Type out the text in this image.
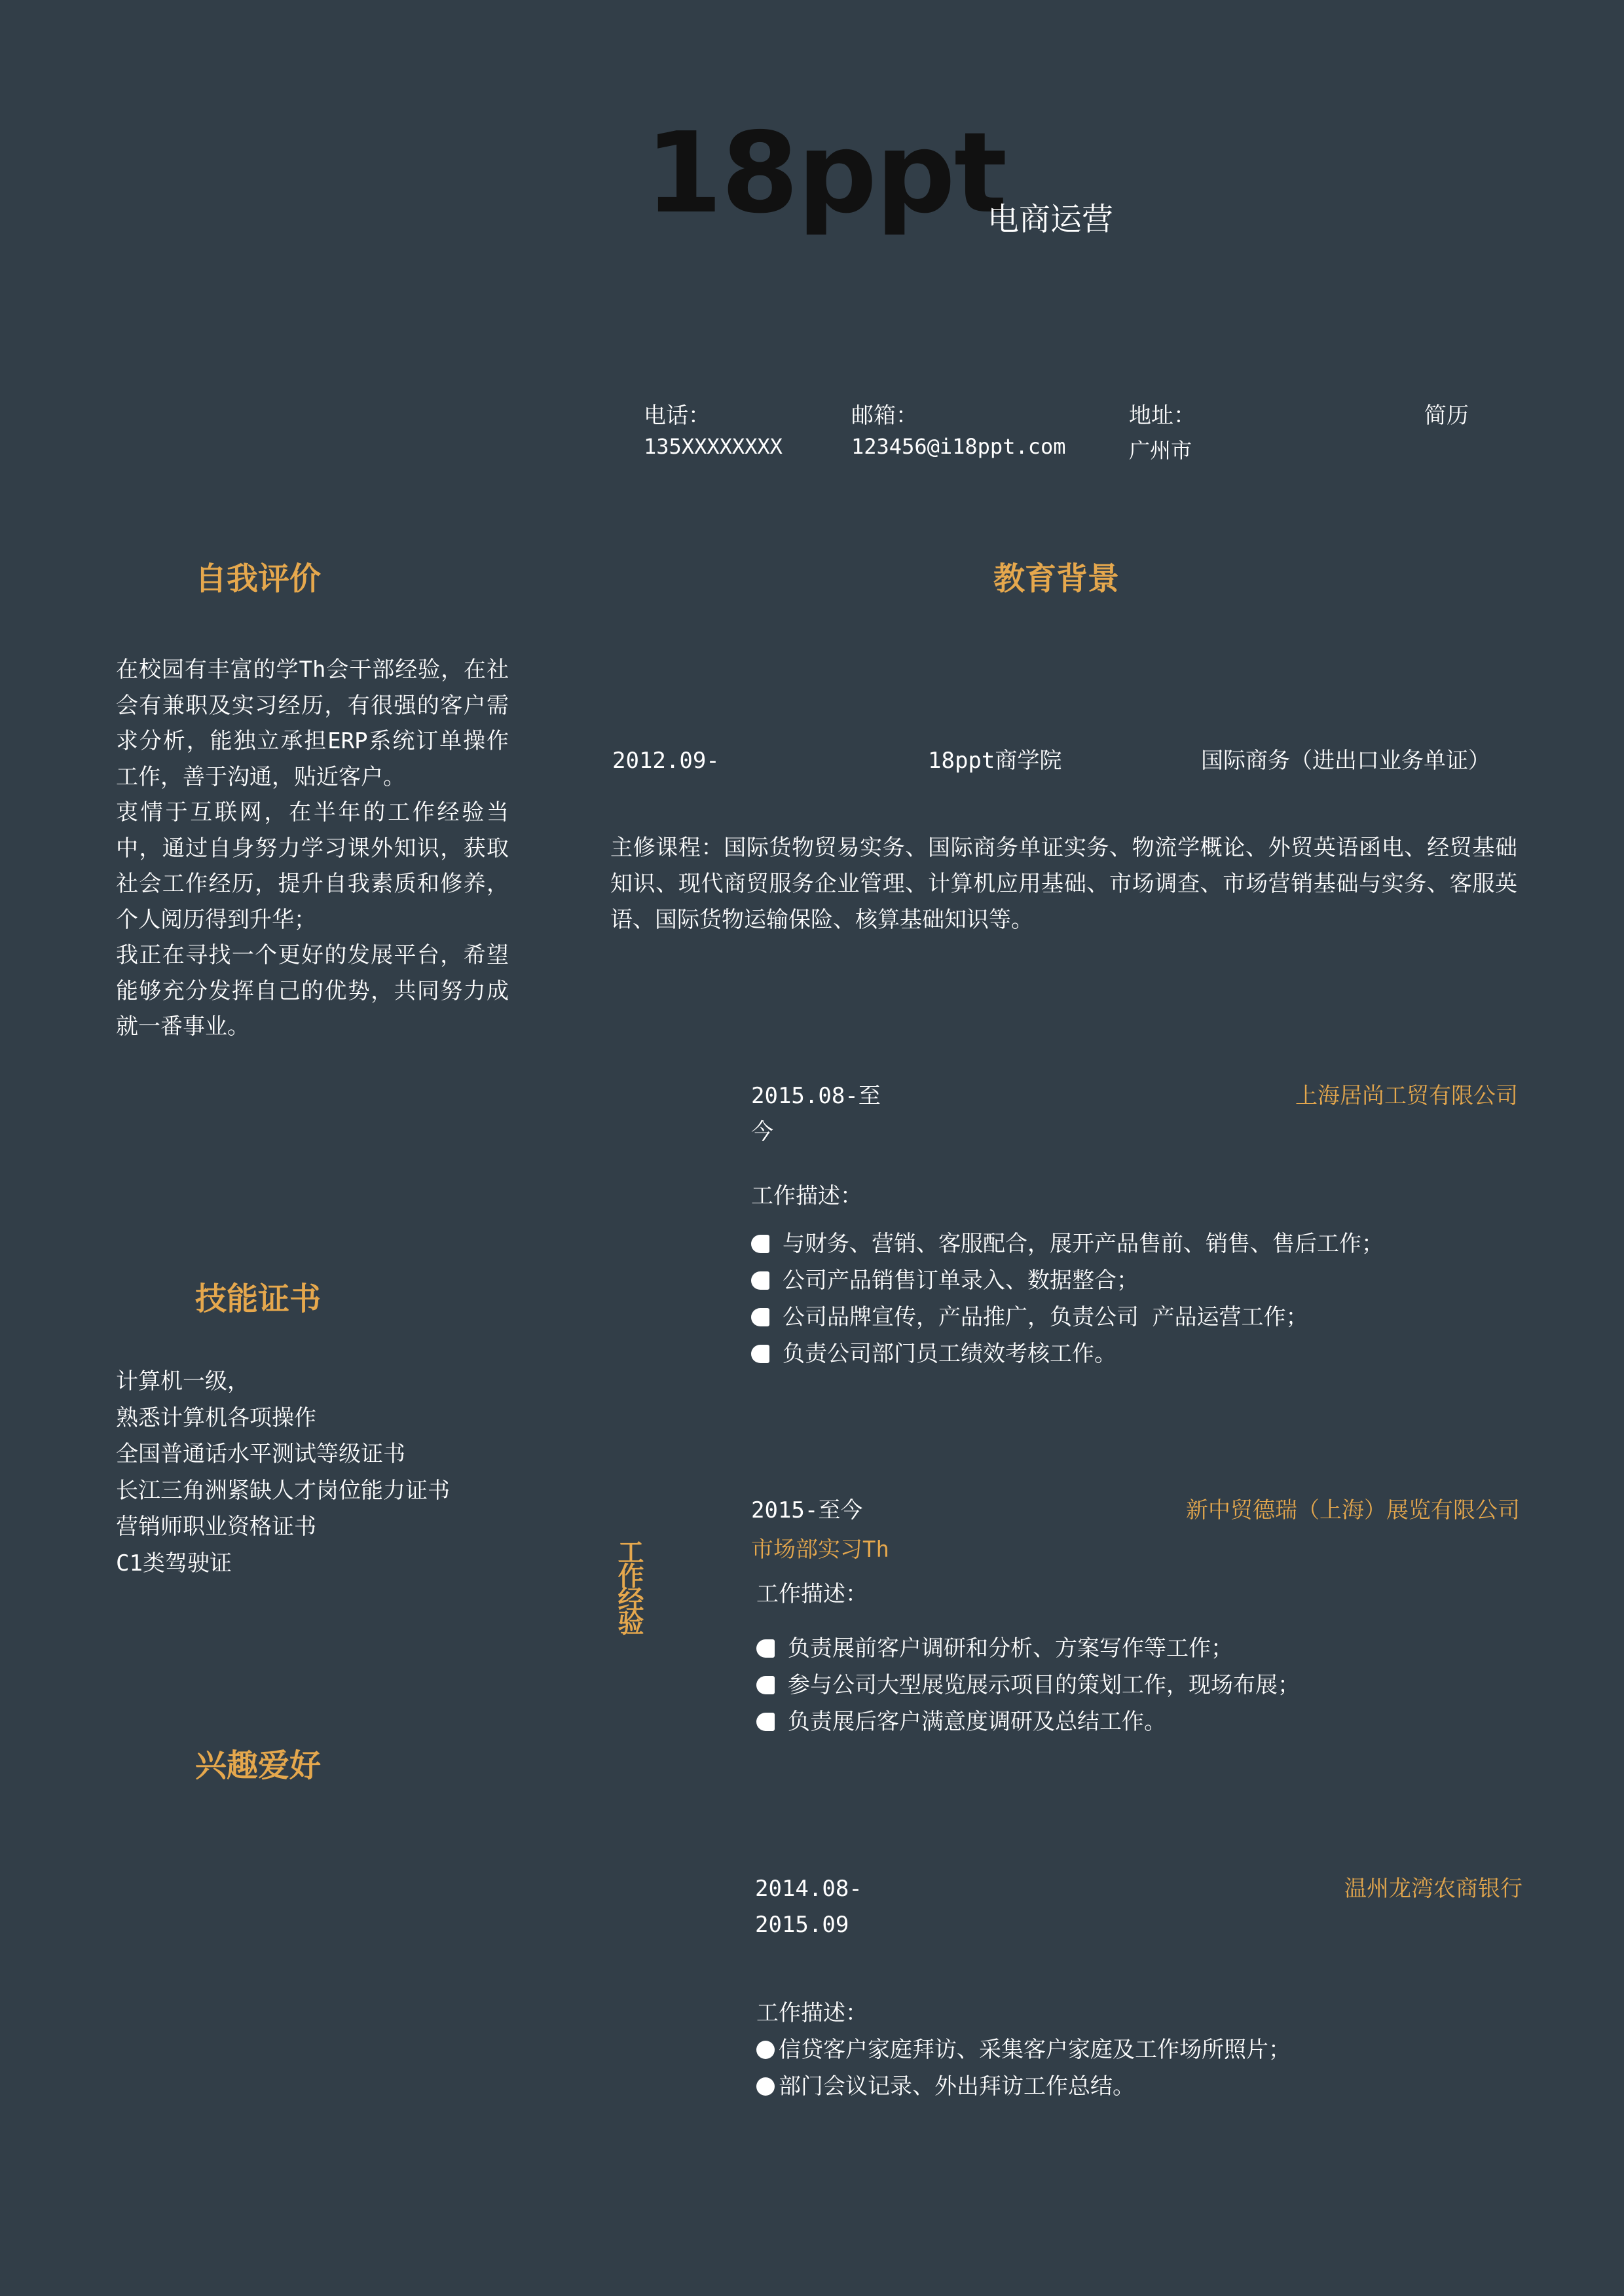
18ppt
电商运营
电话：
135XXXXXXXX
邮箱：
123456@i18ppt.com
地址：
广州市
简历
自我评价

在校园有丰富的学Th会干部经验，在社会有兼职及实习经历，有很强的客户需求分析，能独立承担ERP系统订单操作工作，善于沟通，贴近客户。

衷情于互联网，在半年的工作经验当中，通过自身努力学习课外知识，获取社会工作经历，提升自我素质和修养，个人阅历得到升华；

我正在寻找一个更好的发展平台，希望能够充分发挥自己的优势，共同努力成就一番事业。

技能证书
计算机一级，
熟悉计算机各项操作
全国普通话水平测试等级证书
长江三角洲紧缺人才岗位能力证书
营销师职业资格证书
C1类驾驶证
兴趣爱好
教育背景
2012.09-	18ppt商学院	国际商务（进出口业务单证）
主修课程：国际货物贸易实务、国际商务单证实务、物流学概论、外贸英语函电、经贸基础知识、现代商贸服务企业管理、计算机应用基础、市场调查、市场营销基础与实务、客服英语、国际货物运输保险、核算基础知识等。
工作经验
2015.08-至
今
上海居尚工贸有限公司
工作描述：
与财务、营销、客服配合，展开产品售前、销售、售后工作；
公司产品销售订单录入、数据整合；
公司品牌宣传，产品推广，负责公司 产品运营工作；
负责公司部门员工绩效考核工作。
2015-至今	新中贸德瑞（上海）展览有限公司
市场部实习Th
工作描述：
负责展前客户调研和分析、方案写作等工作；
参与公司大型展览展示项目的策划工作，现场布展；
负责展后客户满意度调研及总结工作。
2014.08-
2015.09
温州龙湾农商银行
工作描述：
信贷客户家庭拜访、采集客户家庭及工作场所照片；
部门会议记录、外出拜访工作总结。
